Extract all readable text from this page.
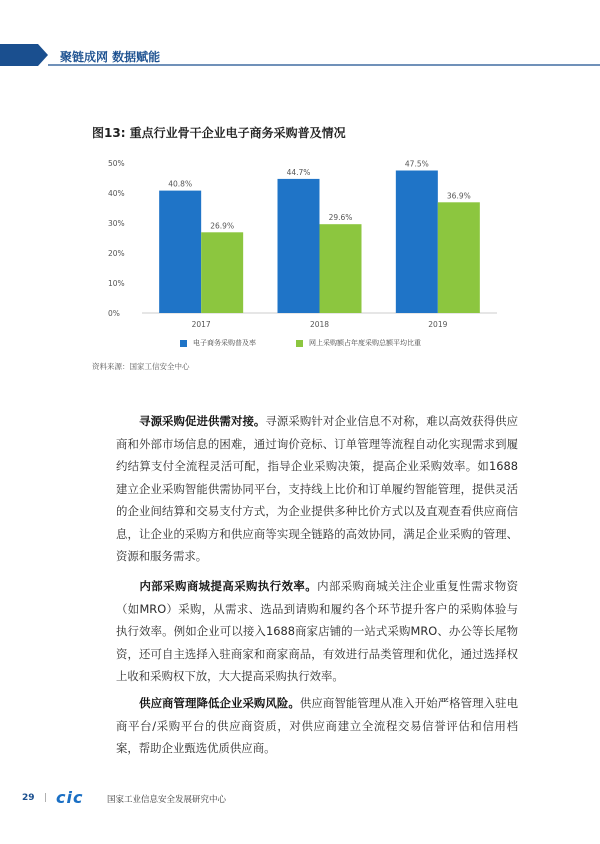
聚链成网 数据赋能
图13: 重点行业骨干企业电子商务采购普及情况
0%
10%
20%
30%
40%
50%
40.8%
26.9%
2017
44.7%
29.6%
2018
47.5%
36.9%
2019
电子商务采购普及率	网上采购额占年度采购总额平均比重
资料来源：国家工信安全中心
寻源采购促进供需对接。寻源采购针对企业信息不对称，难以高效获得供应商和外部市场信息的困难，通过询价竞标、订单管理等流程自动化实现需求到履约结算支付全流程灵活可配，指导企业采购决策，提高企业采购效率。如1688建立企业采购智能供需协同平台，支持线上比价和订单履约智能管理，提供灵活的企业间结算和交易支付方式，为企业提供多种比价方式以及直观查看供应商信息，让企业的采购方和供应商等实现全链路的高效协同，满足企业采购的管理、资源和服务需求。
内部采购商城提高采购执行效率。内部采购商城关注企业重复性需求物资（如MRO）采购，从需求、选品到请购和履约各个环节提升客户的采购体验与执行效率。例如企业可以接入1688商家店铺的一站式采购MRO、办公等长尾物资，还可自主选择入驻商家和商家商品，有效进行品类管理和优化，通过选择权上收和采购权下放，大大提高采购执行效率。
供应商管理降低企业采购风险。供应商智能管理从准入开始严格管理入驻电商平台/采购平台的供应商资质，对供应商建立全流程交易信誉评估和信用档案，帮助企业甄选优质供应商。
29 | cic	国家工业信息安全发展研究中心
